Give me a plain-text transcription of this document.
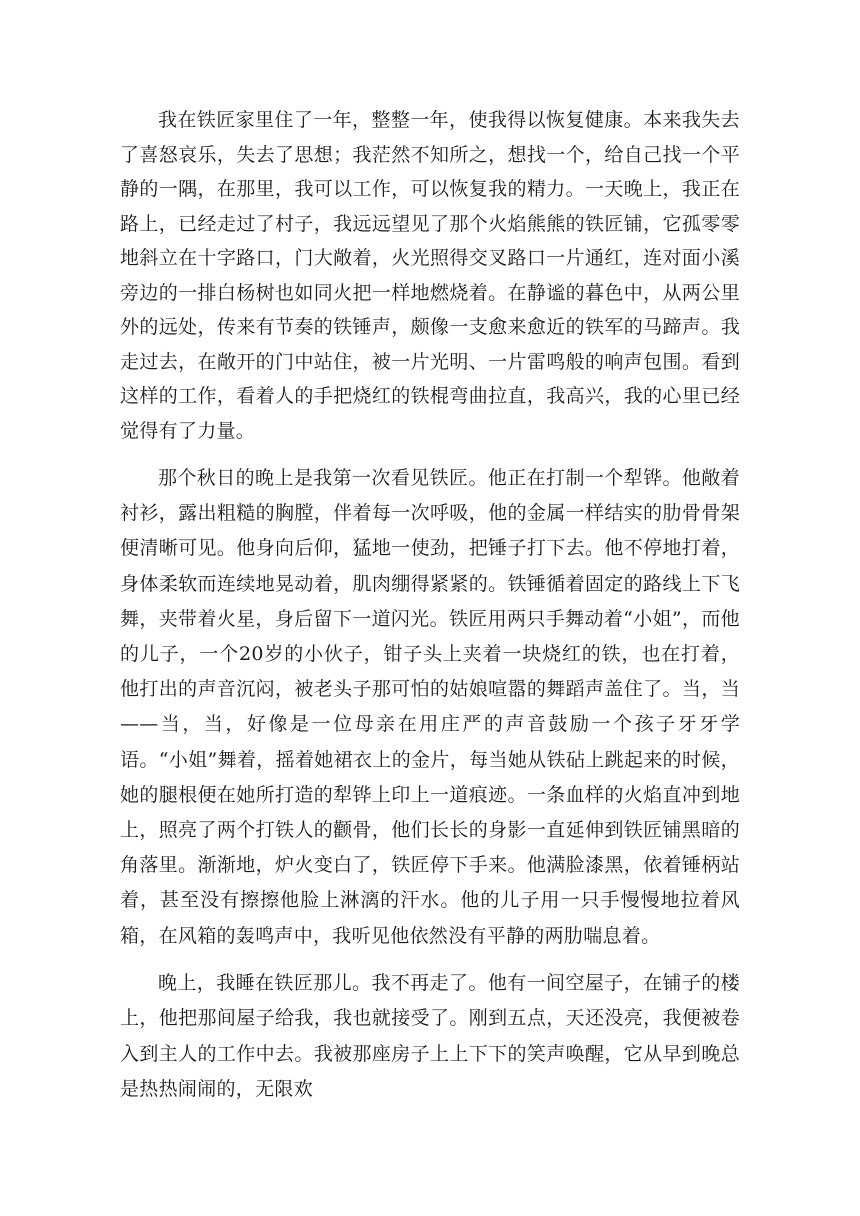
我在铁匠家里住了一年，整整一年，使我得以恢复健康。本来我失去了喜怒哀乐，失去了思想；我茫然不知所之，想找一个，给自己找一个平静的一隅，在那里，我可以工作，可以恢复我的精力。一天晚上，我正在路上，已经走过了村子，我远远望见了那个火焰熊熊的铁匠铺，它孤零零地斜立在十字路口，门大敞着，火光照得交叉路口一片通红，连对面小溪旁边的一排白杨树也如同火把一样地燃烧着。在静谧的暮色中，从两公里外的远处，传来有节奏的铁锤声，颇像一支愈来愈近的铁军的马蹄声。我走过去，在敞开的门中站住，被一片光明、一片雷鸣般的响声包围。看到这样的工作，看着人的手把烧红的铁棍弯曲拉直，我高兴，我的心里已经觉得有了力量。

那个秋日的晚上是我第一次看见铁匠。他正在打制一个犁铧。他敞着衬衫，露出粗糙的胸膛，伴着每一次呼吸，他的金属一样结实的肋骨骨架便清晰可见。他身向后仰，猛地一使劲，把锤子打下去。他不停地打着，身体柔软而连续地晃动着，肌肉绷得紧紧的。铁锤循着固定的路线上下飞舞，夹带着火星，身后留下一道闪光。铁匠用两只手舞动着“小姐”，而他的儿子，一个20岁的小伙子，钳子头上夹着一块烧红的铁，也在打着，他打出的声音沉闷，被老头子那可怕的姑娘喧嚣的舞蹈声盖住了。当，当——当，当，好像是一位母亲在用庄严的声音鼓励一个孩子牙牙学语。“小姐”舞着，摇着她裙衣上的金片，每当她从铁砧上跳起来的时候，她的腿根便在她所打造的犁铧上印上一道痕迹。一条血样的火焰直冲到地上，照亮了两个打铁人的颧骨，他们长长的身影一直延伸到铁匠铺黑暗的角落里。渐渐地，炉火变白了，铁匠停下手来。他满脸漆黑，依着锤柄站着，甚至没有擦擦他脸上淋漓的汗水。他的儿子用一只手慢慢地拉着风箱，在风箱的轰鸣声中，我听见他依然没有平静的两肋喘息着。

晚上，我睡在铁匠那儿。我不再走了。他有一间空屋子，在铺子的楼上，他把那间屋子给我，我也就接受了。刚到五点，天还没亮，我便被卷入到主人的工作中去。我被那座房子上上下下的笑声唤醒，它从早到晚总是热热闹闹的，无限欢
